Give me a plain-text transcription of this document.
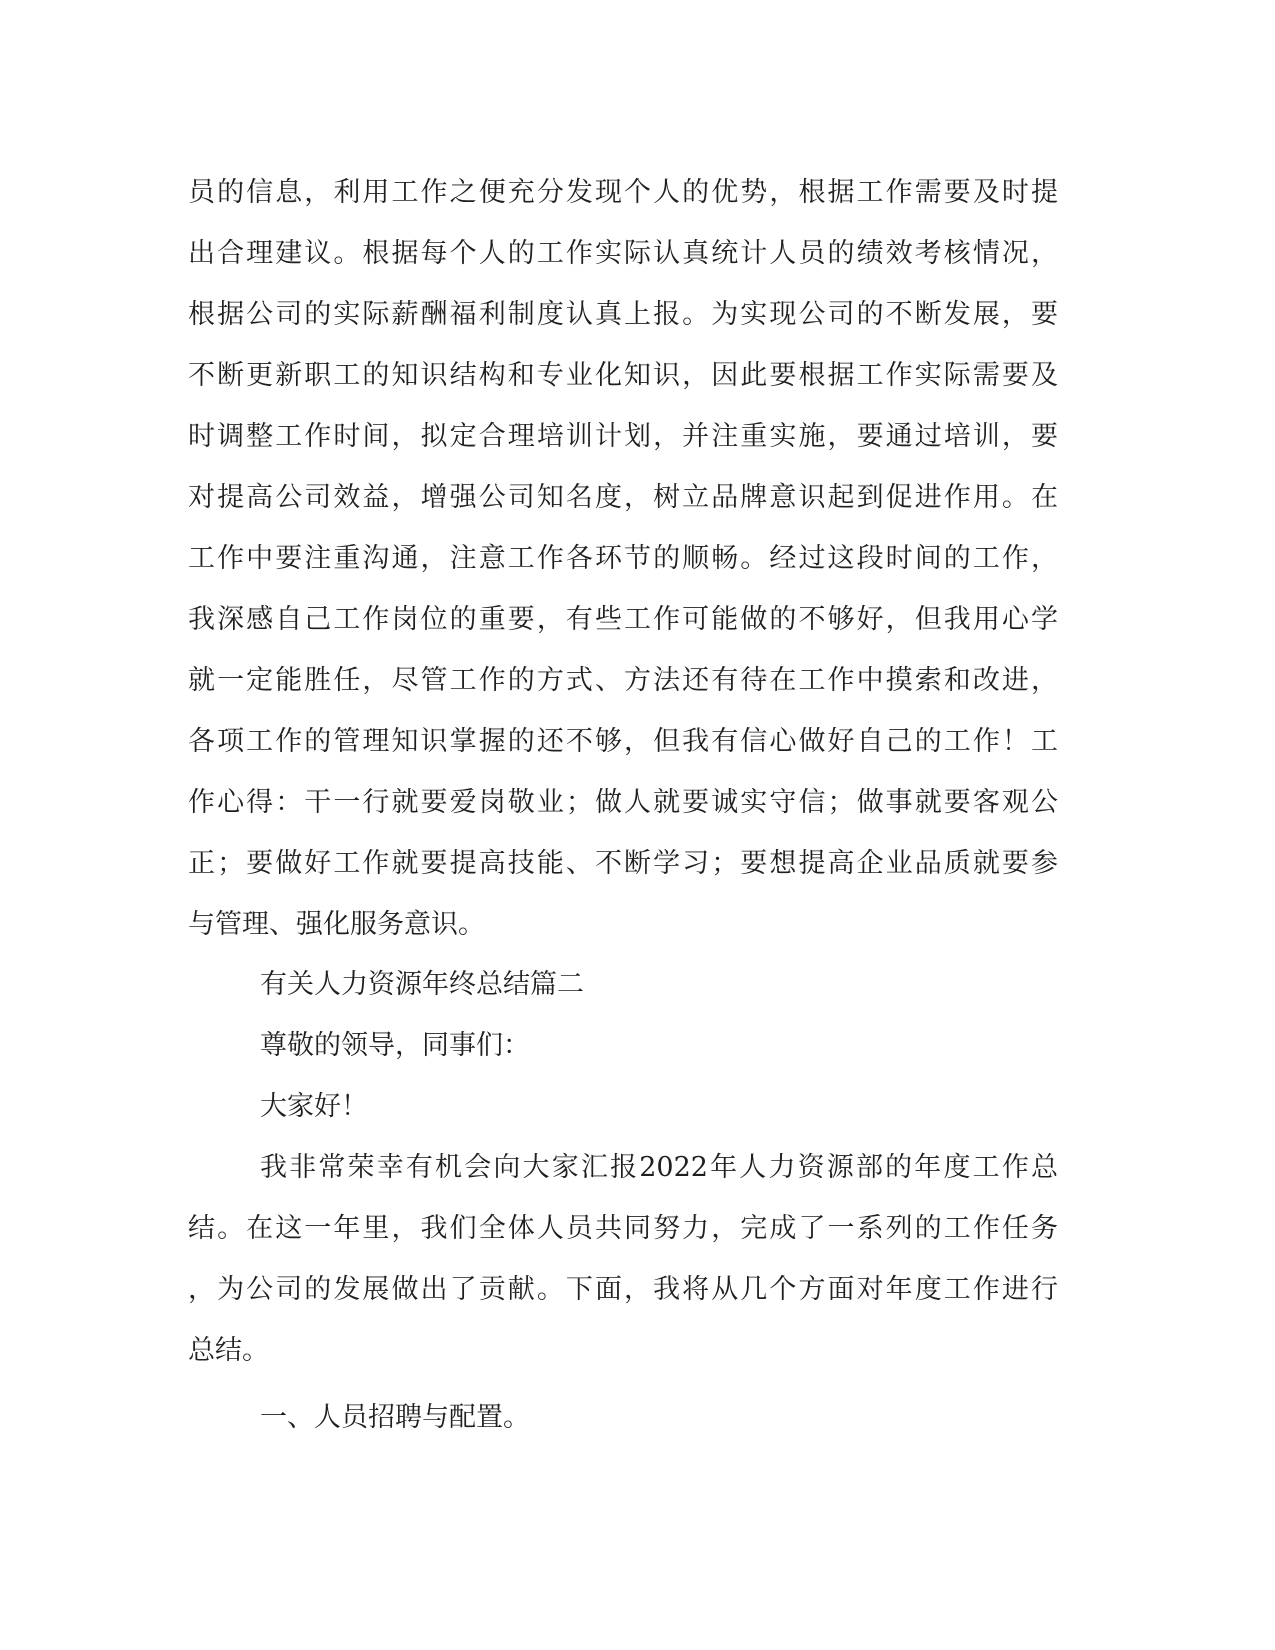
员的信息，利用工作之便充分发现个人的优势，根据工作需要及时提
出合理建议。根据每个人的工作实际认真统计人员的绩效考核情况，
根据公司的实际薪酬福利制度认真上报。为实现公司的不断发展，要
不断更新职工的知识结构和专业化知识，因此要根据工作实际需要及
时调整工作时间，拟定合理培训计划，并注重实施，要通过培训，要
对提高公司效益，增强公司知名度，树立品牌意识起到促进作用。在
工作中要注重沟通，注意工作各环节的顺畅。经过这段时间的工作，
我深感自己工作岗位的重要，有些工作可能做的不够好，但我用心学
就一定能胜任，尽管工作的方式、方法还有待在工作中摸索和改进，
各项工作的管理知识掌握的还不够，但我有信心做好自己的工作！工
作心得：干一行就要爱岗敬业；做人就要诚实守信；做事就要客观公
正；要做好工作就要提高技能、不断学习；要想提高企业品质就要参
与管理、强化服务意识。
有关人力资源年终总结篇二
尊敬的领导，同事们：
大家好！
我非常荣幸有机会向大家汇报2022年人力资源部的年度工作总
结。在这一年里，我们全体人员共同努力，完成了一系列的工作任务
，为公司的发展做出了贡献。下面，我将从几个方面对年度工作进行
总结。
一、人员招聘与配置。
